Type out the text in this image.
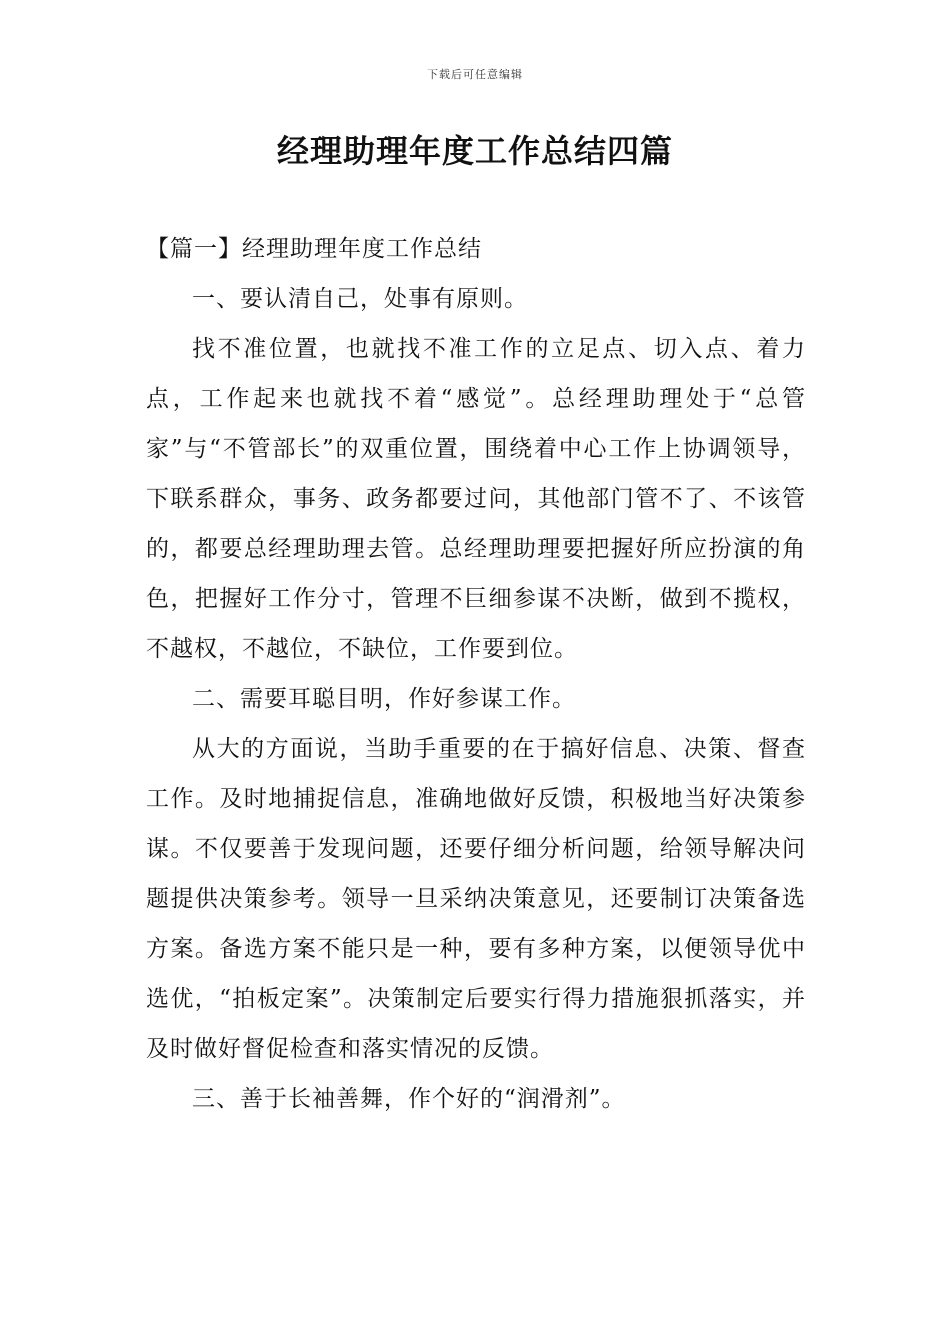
下载后可任意编辑
经理助理年度工作总结四篇

【篇一】经理助理年度工作总结

一、要认清自己，处事有原则。

找不准位置，也就找不准工作的立足点、切入点、着力点，工作起来也就找不着“感觉”。总经理助理处于“总管家”与“不管部长”的双重位置，围绕着中心工作上协调领导，下联系群众，事务、政务都要过问，其他部门管不了、不该管的，都要总经理助理去管。总经理助理要把握好所应扮演的角色，把握好工作分寸，管理不巨细参谋不决断，做到不揽权，不越权，不越位，不缺位，工作要到位。

二、需要耳聪目明，作好参谋工作。

从大的方面说，当助手重要的在于搞好信息、决策、督查工作。及时地捕捉信息，准确地做好反馈，积极地当好决策参谋。不仅要善于发现问题，还要仔细分析问题，给领导解决问题提供决策参考。领导一旦采纳决策意见，还要制订决策备选方案。备选方案不能只是一种，要有多种方案，以便领导优中选优，“拍板定案”。决策制定后要实行得力措施狠抓落实，并及时做好督促检查和落实情况的反馈。

三、善于长袖善舞，作个好的“润滑剂”。
